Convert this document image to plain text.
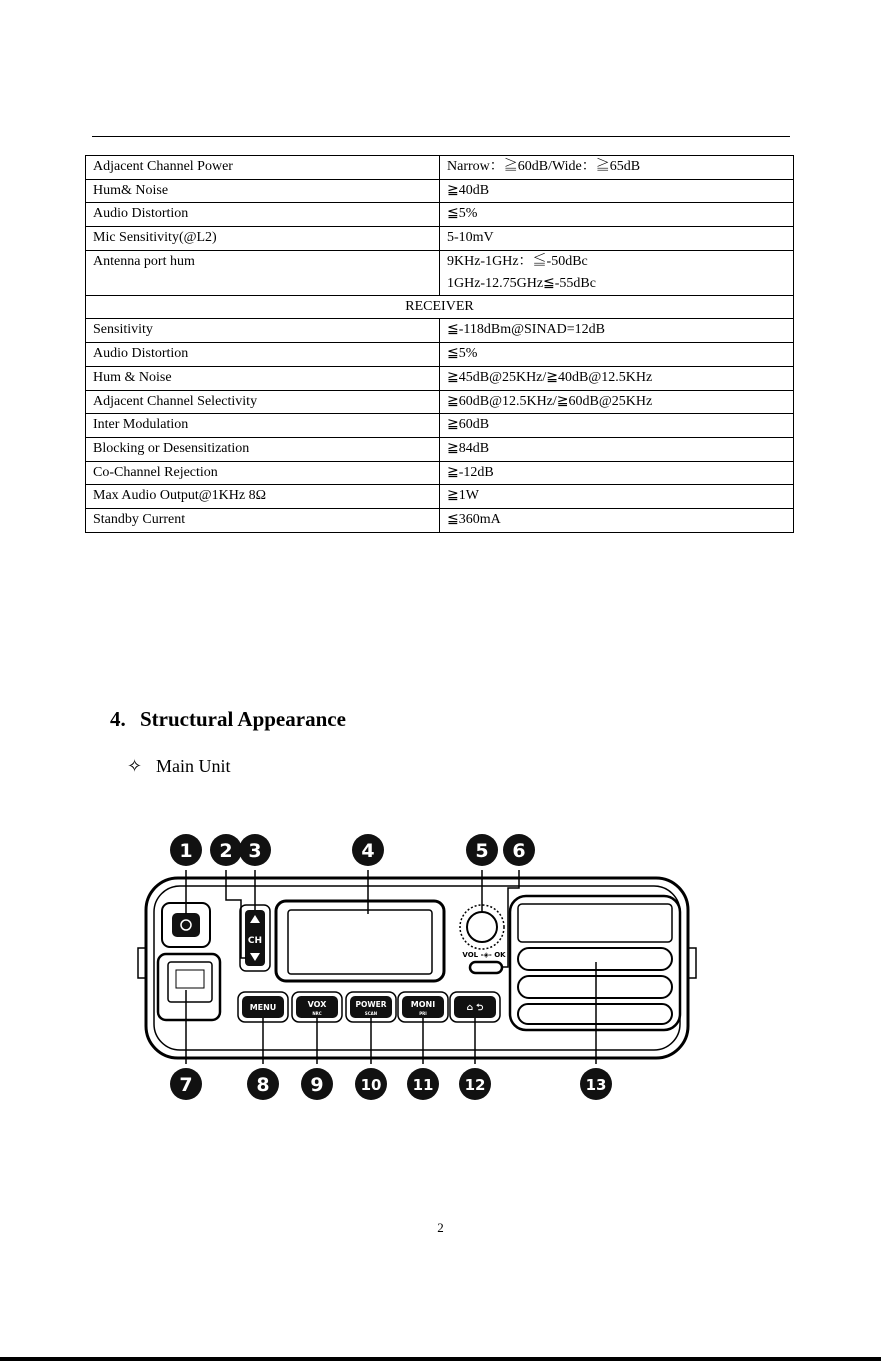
Adjacent Channel Power	Narrow：≧60dB/Wide：≧65dB
Hum& Noise	≧40dB
Audio Distortion	≦5%
Mic Sensitivity(@L2)	5-10mV
Antenna port hum	9KHz-1GHz：≦-50dBc
1GHz-12.75GHz≦-55dBc

RECEIVER	
Sensitivity	≦-118dBm@SINAD=12dB
Audio Distortion	≦5%
Hum & Noise	≧45dB@25KHz/≧40dB@12.5KHz
Adjacent Channel Selectivity	≧60dB@12.5KHz/≧60dB@25KHz
Inter Modulation	≧60dB
Blocking or Desensitization	≧84dB
Co-Channel Rejection	≧-12dB
Max Audio Output@1KHz 8Ω	≧1W
Standby Current	≦360mA
4. Structural Appearance
✧ Main Unit
CH
VOL -◈- OK
MENU	VOX
NRC
POWER
SCAN
MONI
PRI
⌂ ⮌
1 2 3	4	5 6
7	8 9 10 11 12	13
2
